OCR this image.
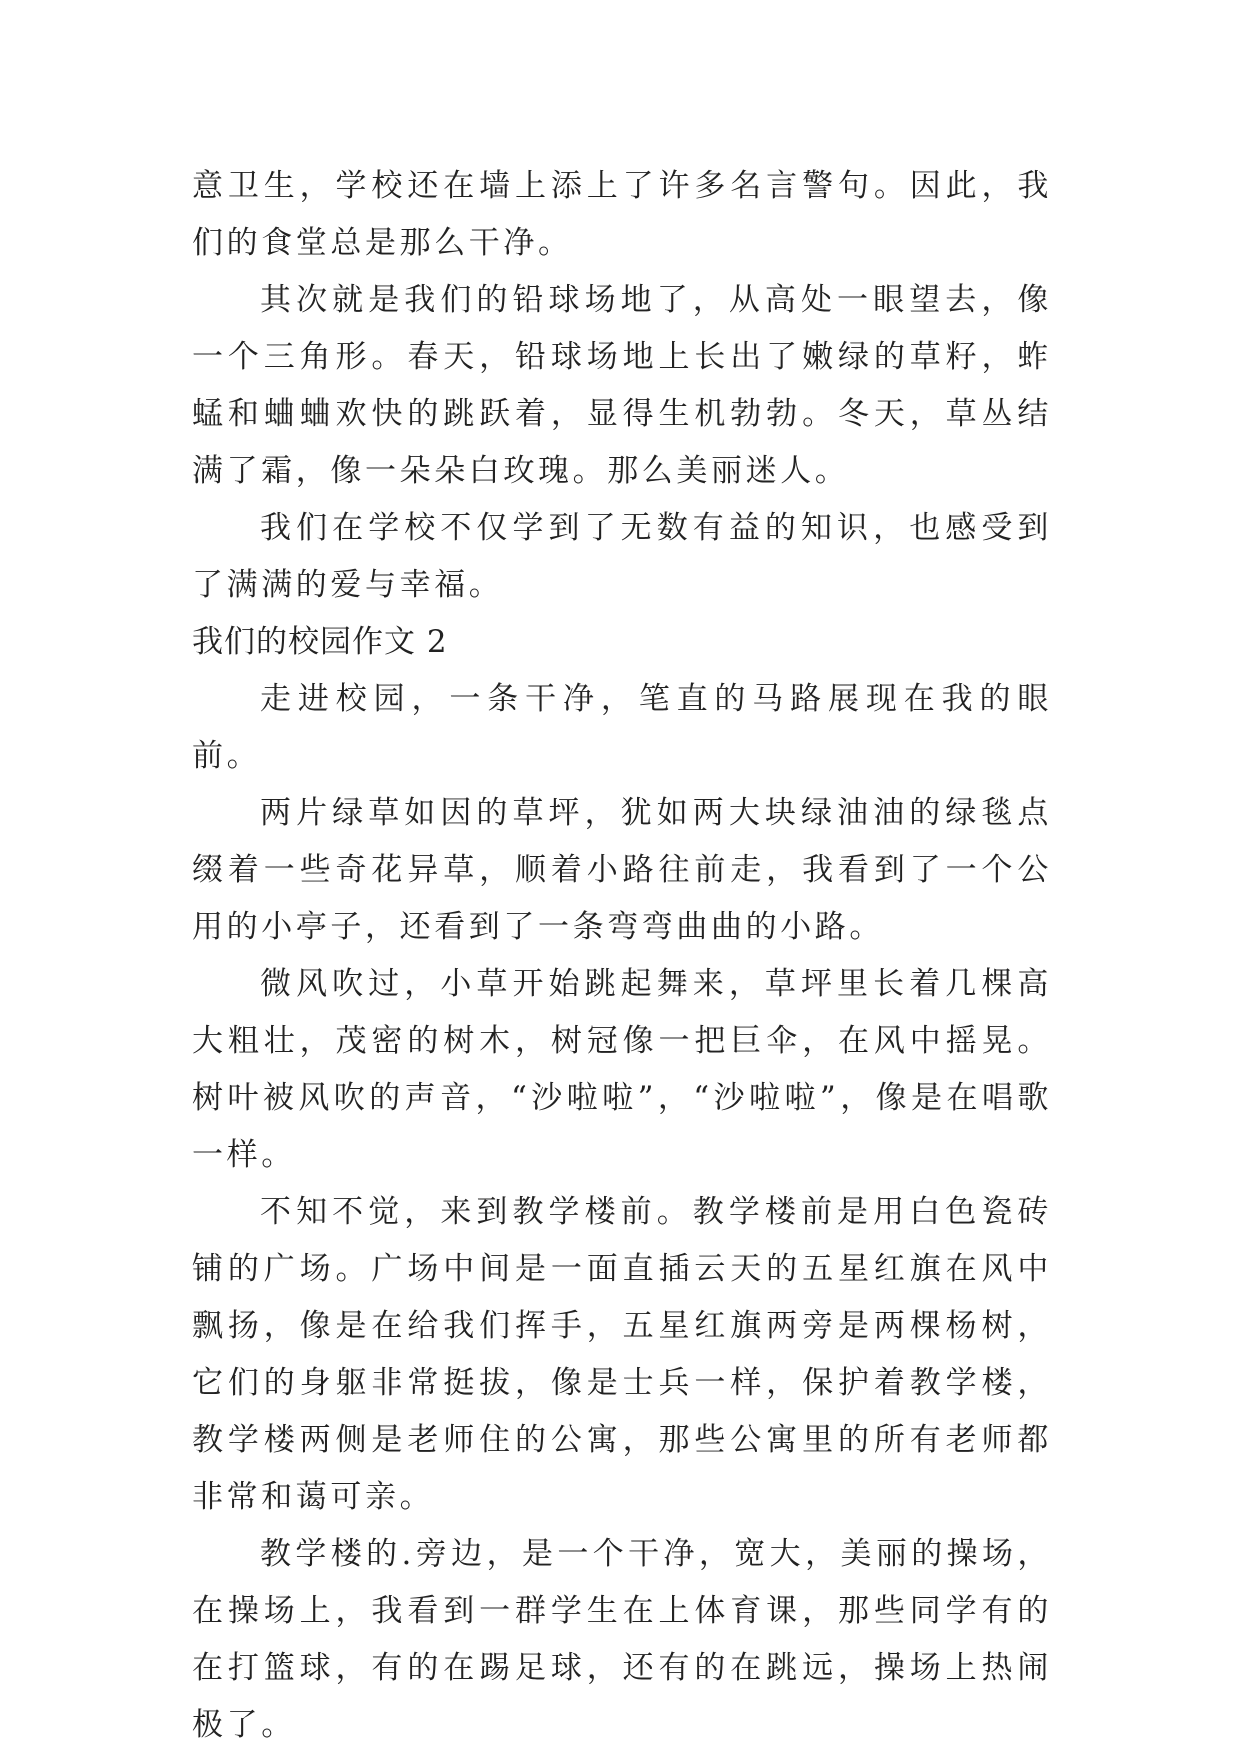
意卫生，学校还在墙上添上了许多名言警句。因此，我们的食堂总是那么干净。

其次就是我们的铅球场地了，从高处一眼望去，像一个三角形。春天，铅球场地上长出了嫩绿的草籽，蚱蜢和蛐蛐欢快的跳跃着，显得生机勃勃。冬天，草丛结满了霜，像一朵朵白玫瑰。那么美丽迷人。

我们在学校不仅学到了无数有益的知识，也感受到了满满的爱与幸福。

我们的校园作文 2

走进校园，一条干净，笔直的马路展现在我的眼前。

两片绿草如因的草坪，犹如两大块绿油油的绿毯点缀着一些奇花异草，顺着小路往前走，我看到了一个公用的小亭子，还看到了一条弯弯曲曲的小路。

微风吹过，小草开始跳起舞来，草坪里长着几棵高大粗壮，茂密的树木，树冠像一把巨伞，在风中摇晃。树叶被风吹的声音，“沙啦啦”，“沙啦啦”，像是在唱歌一样。

不知不觉，来到教学楼前。教学楼前是用白色瓷砖铺的广场。广场中间是一面直插云天的五星红旗在风中飘扬，像是在给我们挥手，五星红旗两旁是两棵杨树，它们的身躯非常挺拔，像是士兵一样，保护着教学楼，教学楼两侧是老师住的公寓，那些公寓里的所有老师都非常和蔼可亲。

教学楼的.旁边，是一个干净，宽大，美丽的操场，在操场上，我看到一群学生在上体育课，那些同学有的在打篮球，有的在踢足球，还有的在跳远，操场上热闹极了。
